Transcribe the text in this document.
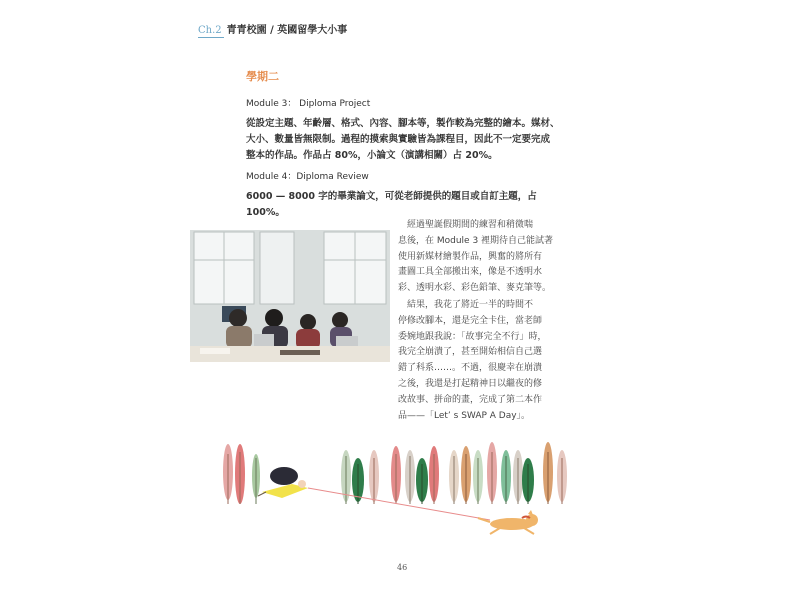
Ch.2 青青校園 / 英國留學大小事
學期二
Module 3： Diploma Project
從設定主題、年齡層、格式、內容、腳本等，製作較為完整的繪本。媒材、
大小、數量皆無限制。過程的摸索與實驗皆為課程目，因此不一定要完成
整本的作品。作品占 80%，小論文（演講相關）占 20%。
Module 4：Diploma Review
6000 — 8000 字的畢業論文，可從老師提供的題目或自訂主題，占 100%。

　經過聖誕假期間的練習和稍微喘

息後，在 Module 3 裡期待自己能試著

使用新媒材繪製作品，興奮的將所有

畫圖工具全部搬出來，像是不透明水

彩、透明水彩、彩色鉛筆、麥克筆等。

　結果，我花了將近一半的時間不

停修改腳本，還是完全卡住，當老師

委婉地跟我說：「故事完全不行」時，

我完全崩潰了，甚至開始相信自己選

錯了科系……。不過，很慶幸在崩潰

之後，我還是打起精神日以繼夜的修

改故事、拼命的畫，完成了第二本作

品——「Let’ s SWAP A Day」。

46
